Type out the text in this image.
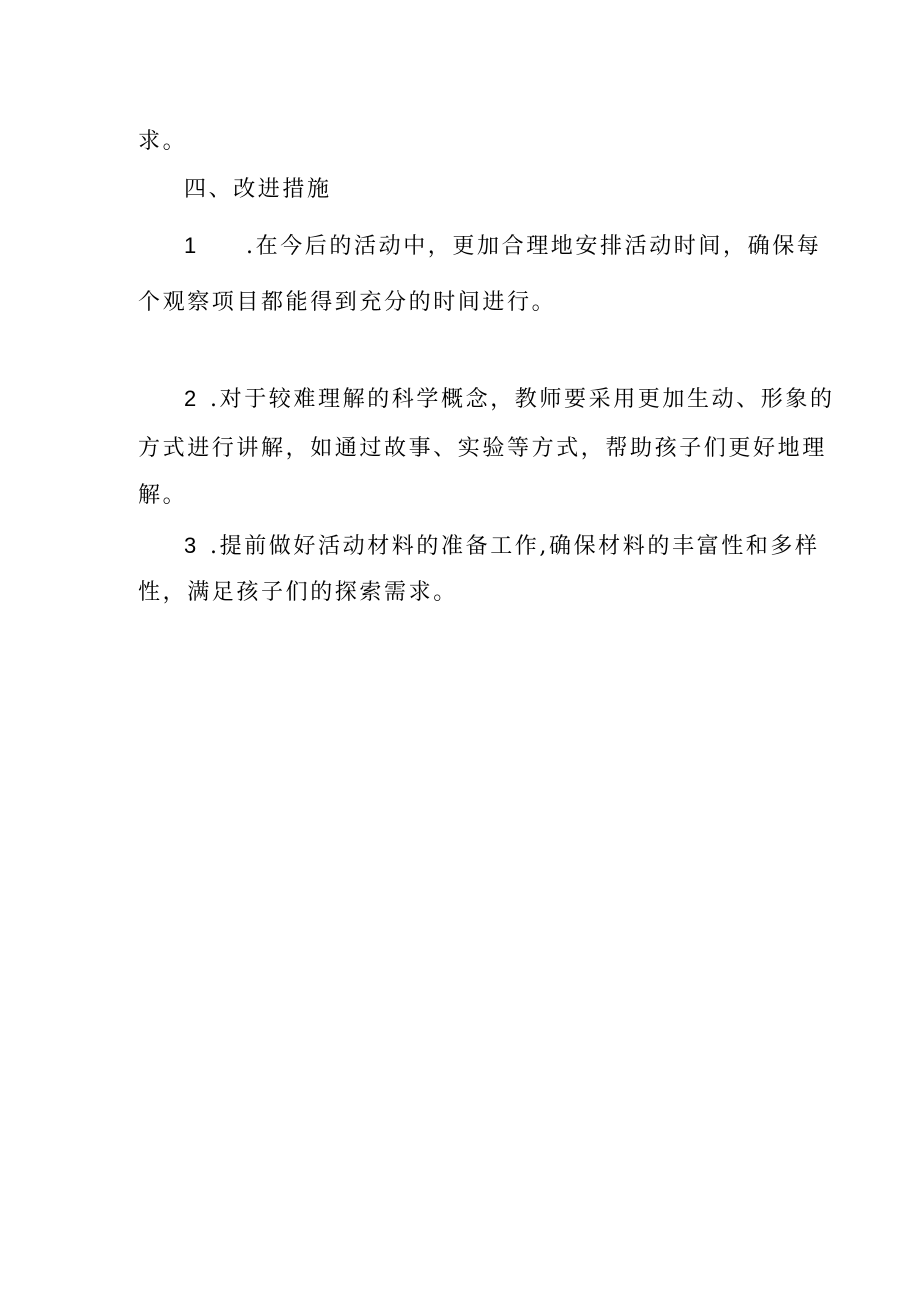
求。
四、改进措施
1 .在今后的活动中，更加合理地安排活动时间，确保每
个观察项目都能得到充分的时间进行。
2 .对于较难理解的科学概念，教师要采用更加生动、形象的
方式进行讲解，如通过故事、实验等方式，帮助孩子们更好地理
解。
3 .提前做好活动材料的准备工作,确保材料的丰富性和多样
性，满足孩子们的探索需求。
